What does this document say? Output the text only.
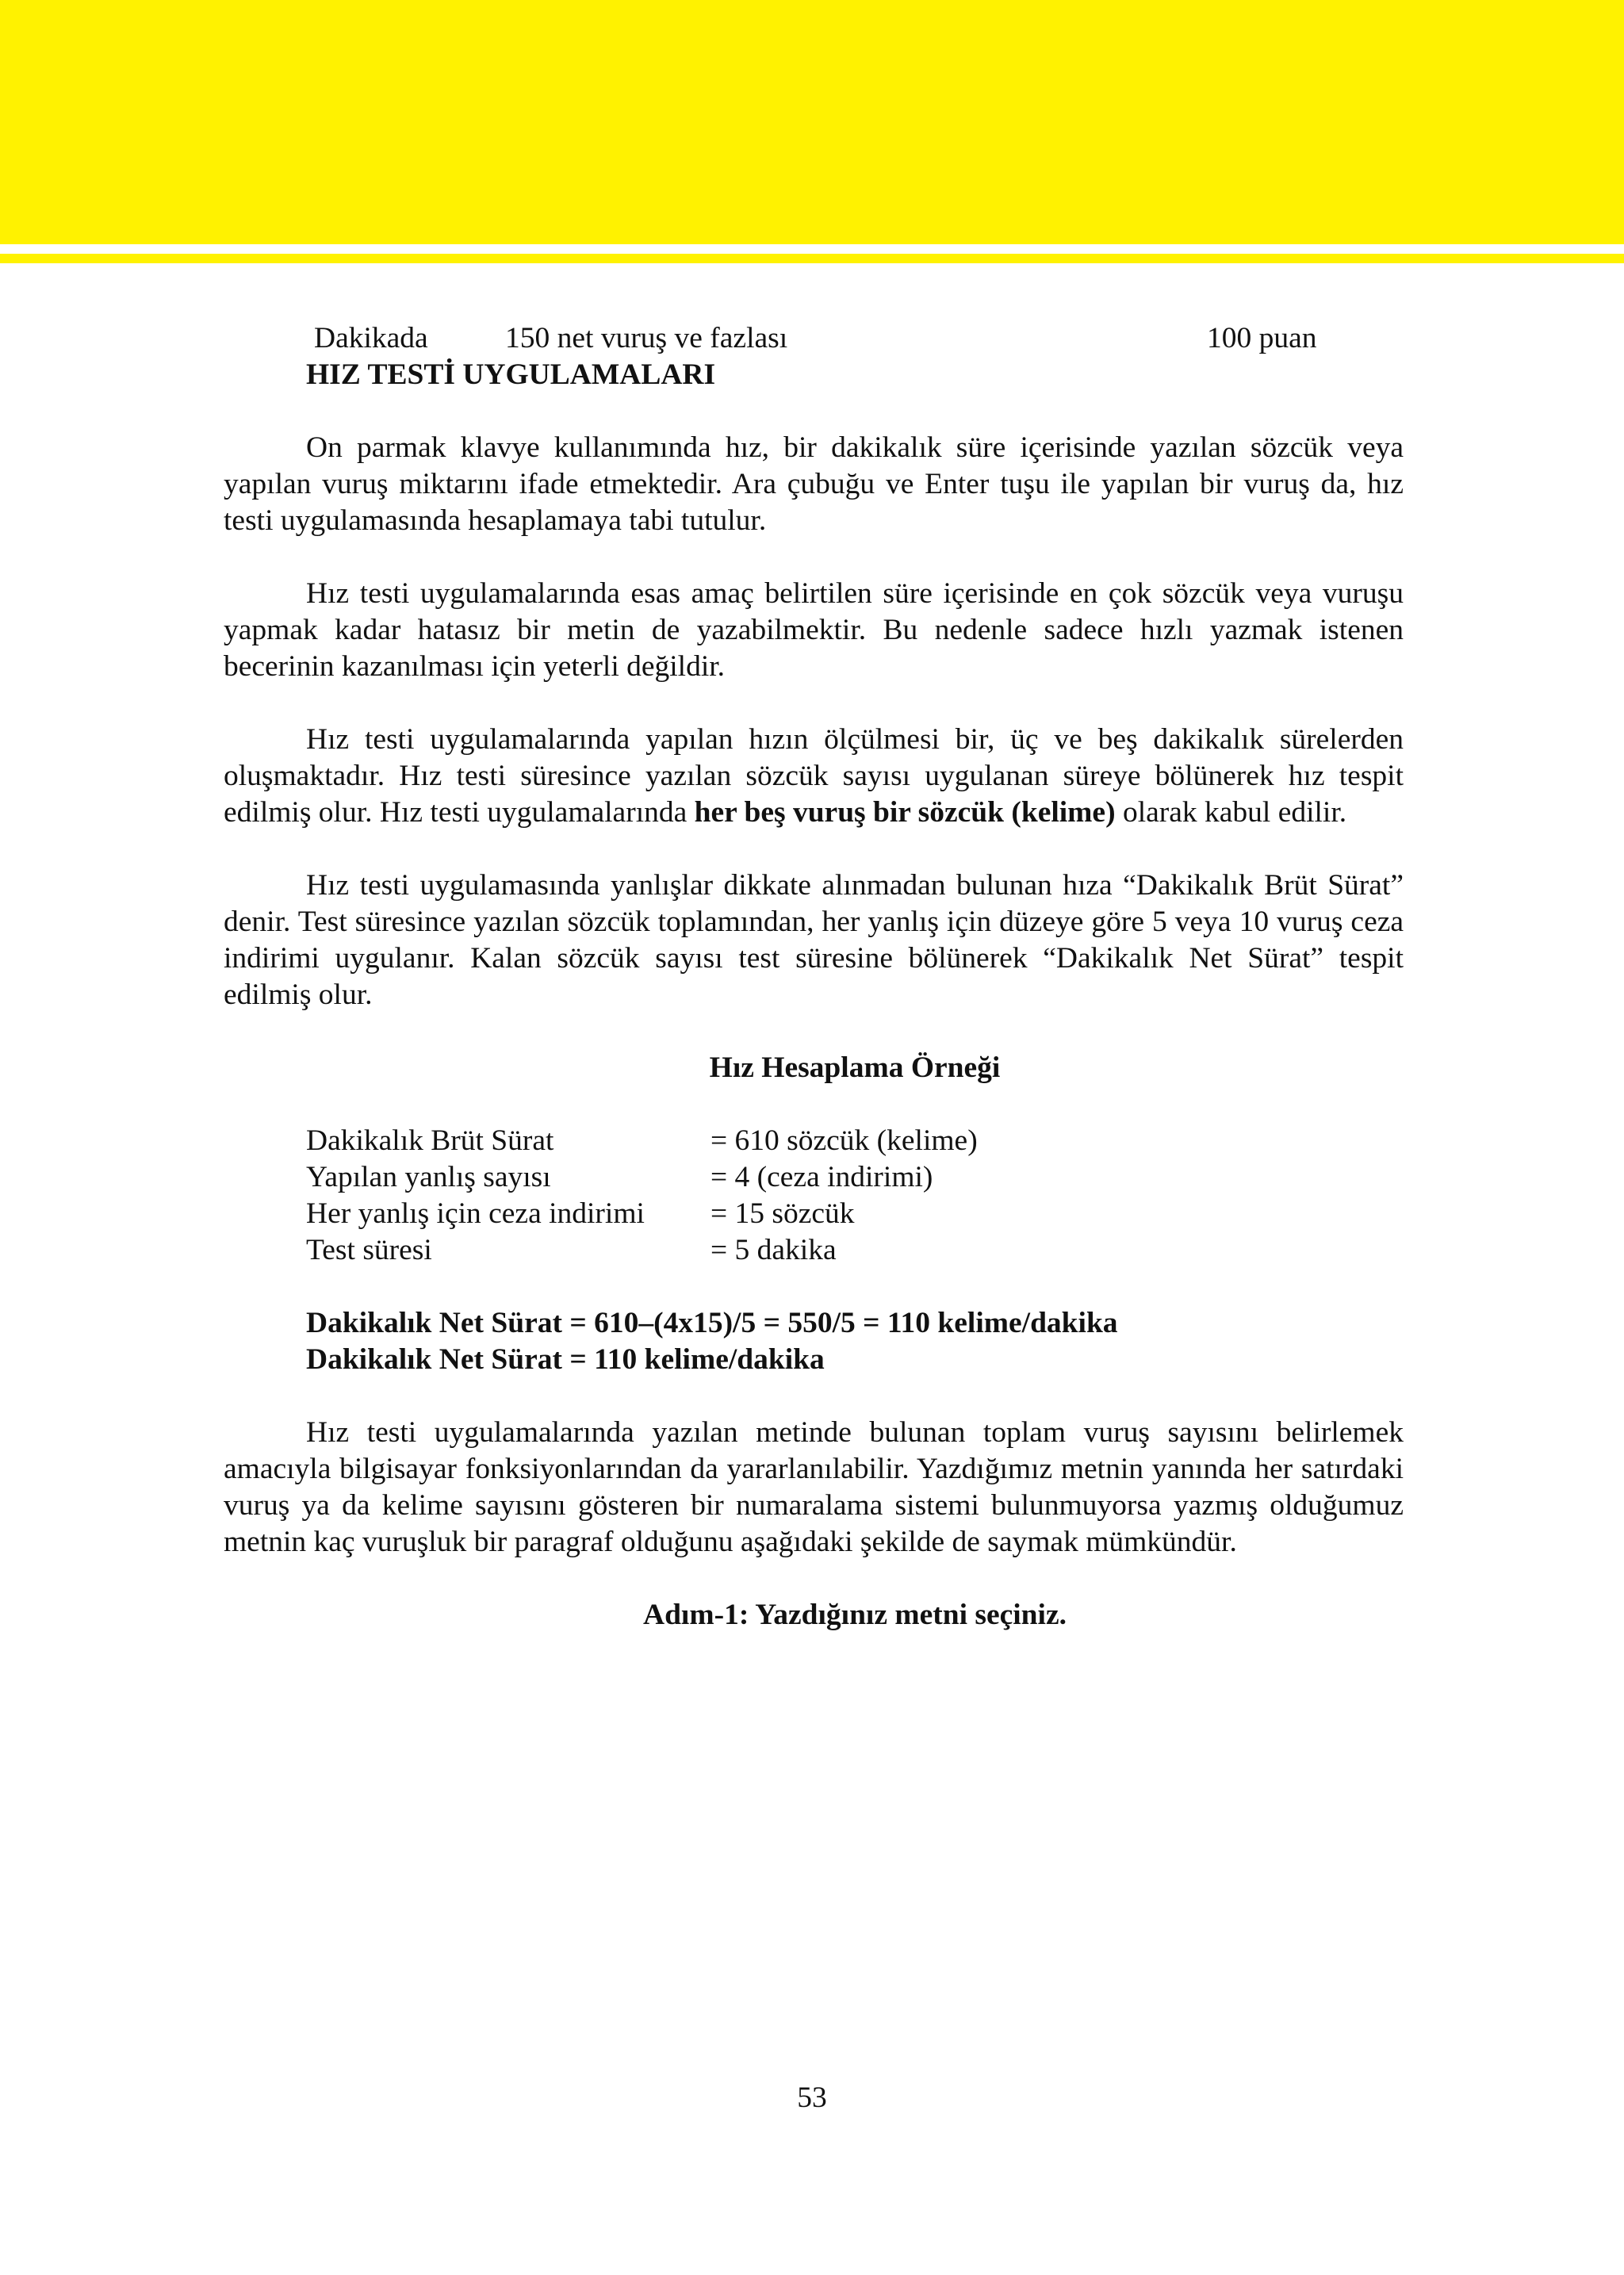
Dakikada	150 net vuruş ve fazlası	100 puan
HIZ TESTİ UYGULAMALARI

On parmak klavye kullanımında hız, bir dakikalık süre içerisinde yazılan sözcük veya yapılan vuruş miktarını ifade etmektedir. Ara çubuğu ve Enter tuşu ile yapılan bir vuruş da, hız testi uygulamasında hesaplamaya tabi tutulur.

Hız testi uygulamalarında esas amaç belirtilen süre içerisinde en çok sözcük veya vuruşu yapmak kadar hatasız bir metin de yazabilmektir. Bu nedenle sadece hızlı yazmak istenen becerinin kazanılması için yeterli değildir.

Hız testi uygulamalarında yapılan hızın ölçülmesi bir, üç ve beş dakikalık sürelerden oluşmaktadır. Hız testi süresince yazılan sözcük sayısı uygulanan süreye bölünerek hız tespit edilmiş olur. Hız testi uygulamalarında her beş vuruş bir sözcük (kelime) olarak kabul edilir.

Hız testi uygulamasında yanlışlar dikkate alınmadan bulunan hıza “Dakikalık Brüt Sürat” denir. Test süresince yazılan sözcük toplamından, her yanlış için düzeye göre 5 veya 10 vuruş ceza indirimi uygulanır. Kalan sözcük sayısı test süresine bölünerek “Dakikalık Net Sürat” tespit edilmiş olur.

Hız Hesaplama Örneği
Dakikalık Brüt Sürat	= 610 sözcük (kelime)
Yapılan yanlış sayısı	= 4 (ceza indirimi)
Her yanlış için ceza indirimi	= 15 sözcük
Test süresi	= 5 dakika
Dakikalık Net Sürat = 610–(4x15)/5 = 550/5 = 110 kelime/dakika
Dakikalık Net Sürat = 110 kelime/dakika

Hız testi uygulamalarında yazılan metinde bulunan toplam vuruş sayısını belirlemek amacıyla bilgisayar fonksiyonlarından da yararlanılabilir. Yazdığımız metnin yanında her satırdaki vuruş ya da kelime sayısını gösteren bir numaralama sistemi bulunmuyorsa yazmış olduğumuz metnin kaç vuruşluk bir paragraf olduğunu aşağıdaki şekilde de saymak mümkündür.

Adım-1: Yazdığınız metni seçiniz.
53
